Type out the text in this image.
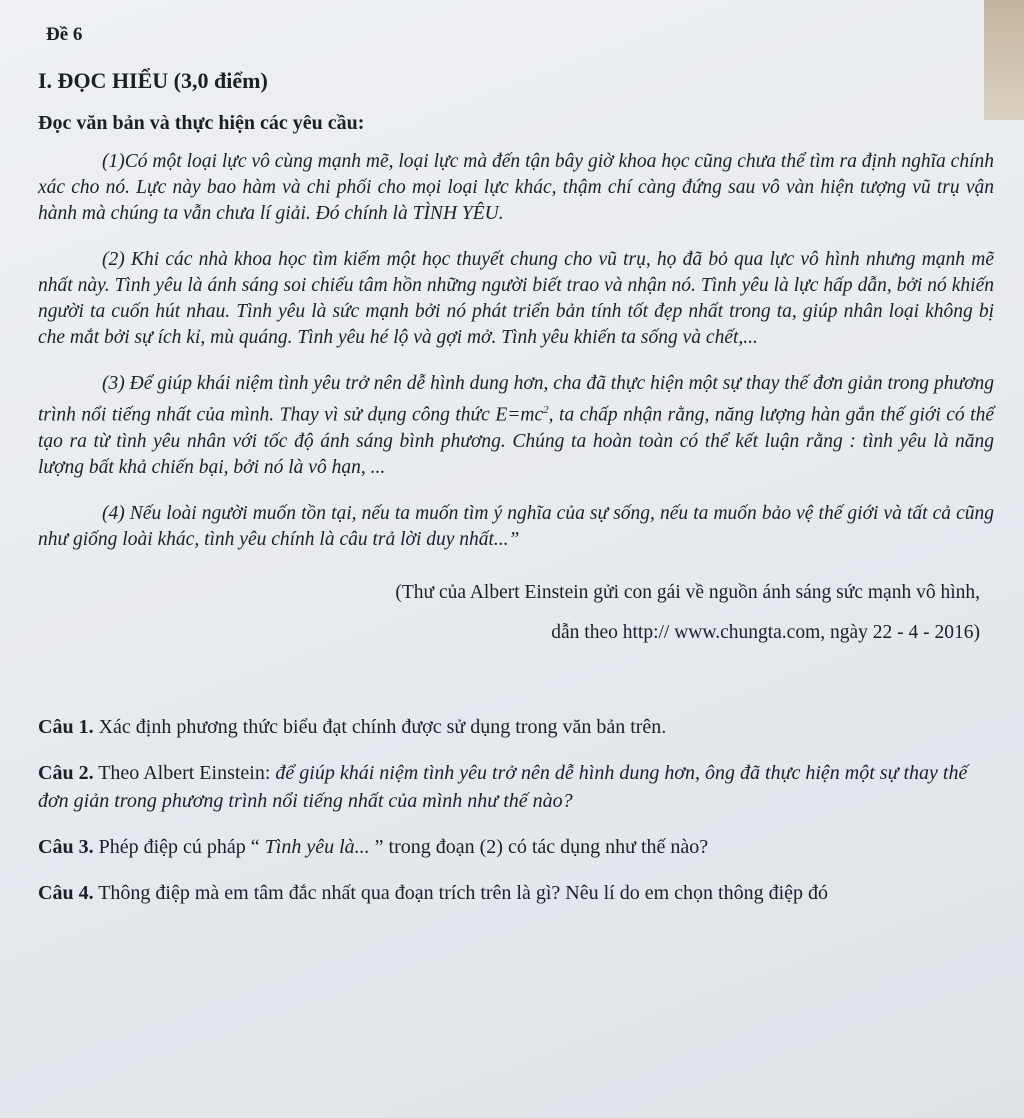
Đề 6
I. ĐỌC HIỂU (3,0 điểm)
Đọc văn bản và thực hiện các yêu cầu:

(1)Có một loại lực vô cùng mạnh mẽ, loại lực mà đến tận bây giờ khoa học cũng chưa thể tìm ra định nghĩa chính xác cho nó. Lực này bao hàm và chi phối cho mọi loại lực khác, thậm chí càng đứng sau vô vàn hiện tượng vũ trụ vận hành mà chúng ta vẫn chưa lí giải. Đó chính là TÌNH YÊU.

(2) Khi các nhà khoa học tìm kiếm một học thuyết chung cho vũ trụ, họ đã bỏ qua lực vô hình nhưng mạnh mẽ nhất này. Tình yêu là ánh sáng soi chiếu tâm hồn những người biết trao và nhận nó. Tình yêu là lực hấp dẫn, bởi nó khiến người ta cuốn hút nhau. Tình yêu là sức mạnh bởi nó phát triển bản tính tốt đẹp nhất trong ta, giúp nhân loại không bị che mắt bởi sự ích kỉ, mù quáng. Tình yêu hé lộ và gợi mở. Tình yêu khiến ta sống và chết,...

(3) Để giúp khái niệm tình yêu trở nên dễ hình dung hơn, cha đã thực hiện một sự thay thế đơn giản trong phương trình nổi tiếng nhất của mình. Thay vì sử dụng công thức $E=mc^2$, ta chấp nhận rằng, năng lượng hàn gắn thế giới có thể tạo ra từ tình yêu nhân với tốc độ ánh sáng bình phương. Chúng ta hoàn toàn có thể kết luận rằng : tình yêu là năng lượng bất khả chiến bại, bởi nó là vô hạn, ...

(4) Nếu loài người muốn tồn tại, nếu ta muốn tìm ý nghĩa của sự sống, nếu ta muốn bảo vệ thế giới và tất cả cũng như giống loài khác, tình yêu chính là câu trả lời duy nhất...”

(Thư của Albert Einstein gửi con gái về nguồn ánh sáng sức mạnh vô hình,
dẫn theo http:// www.chungta.com, ngày 22 - 4 - 2016)

Câu 1. Xác định phương thức biểu đạt chính được sử dụng trong văn bản trên.

Câu 2. Theo Albert Einstein: để giúp khái niệm tình yêu trở nên dễ hình dung hơn, ông đã thực hiện một sự thay thế đơn giản trong phương trình nổi tiếng nhất của mình như thế nào?

Câu 3. Phép điệp cú pháp “ Tình yêu là... ” trong đoạn (2) có tác dụng như thế nào?

Câu 4. Thông điệp mà em tâm đắc nhất qua đoạn trích trên là gì? Nêu lí do em chọn thông điệp đó
